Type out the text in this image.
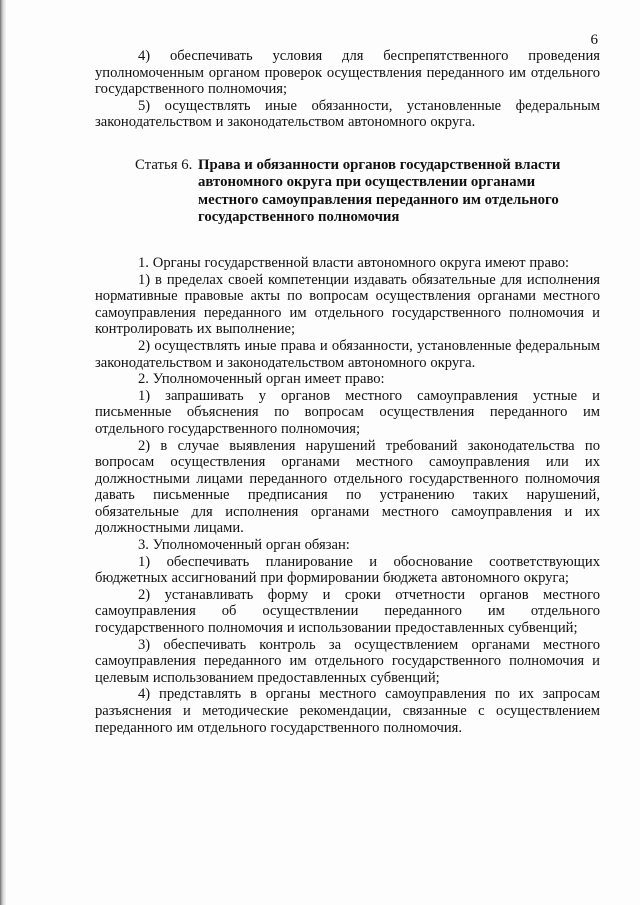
6

4) обеспечивать условия для беспрепятственного проведения уполномоченным органом проверок осуществления переданного им отдельного государственного полномочия;

5) осуществлять иные обязанности, установленные федеральным законодательством и законодательством автономного округа.

Статья 6. Права и обязанности органов государственной власти
автономного округа при осуществлении органами
местного самоуправления переданного им отдельного
государственного полномочия

1. Органы государственной власти автономного округа имеют право:

1) в пределах своей компетенции издавать обязательные для исполнения нормативные правовые акты по вопросам осуществления органами местного самоуправления переданного им отдельного государственного полномочия и контролировать их выполнение;

2) осуществлять иные права и обязанности, установленные федеральным законодательством и законодательством автономного округа.

2. Уполномоченный орган имеет право:

1) запрашивать у органов местного самоуправления устные и письменные объяснения по вопросам осуществления переданного им отдельного государственного полномочия;

2) в случае выявления нарушений требований законодательства по вопросам осуществления органами местного самоуправления или их должностными лицами переданного отдельного государственного полномочия давать письменные предписания по устранению таких нарушений, обязательные для исполнения органами местного самоуправления и их должностными лицами.

3. Уполномоченный орган обязан:

1) обеспечивать планирование и обоснование соответствующих бюджетных ассигнований при формировании бюджета автономного округа;

2) устанавливать форму и сроки отчетности органов местного самоуправления об осуществлении переданного им отдельного государственного полномочия и использовании предоставленных субвенций;

3) обеспечивать контроль за осуществлением органами местного самоуправления переданного им отдельного государственного полномочия и целевым использованием предоставленных субвенций;

4) представлять в органы местного самоуправления по их запросам разъяснения и методические рекомендации, связанные с осуществлением переданного им отдельного государственного полномочия.
